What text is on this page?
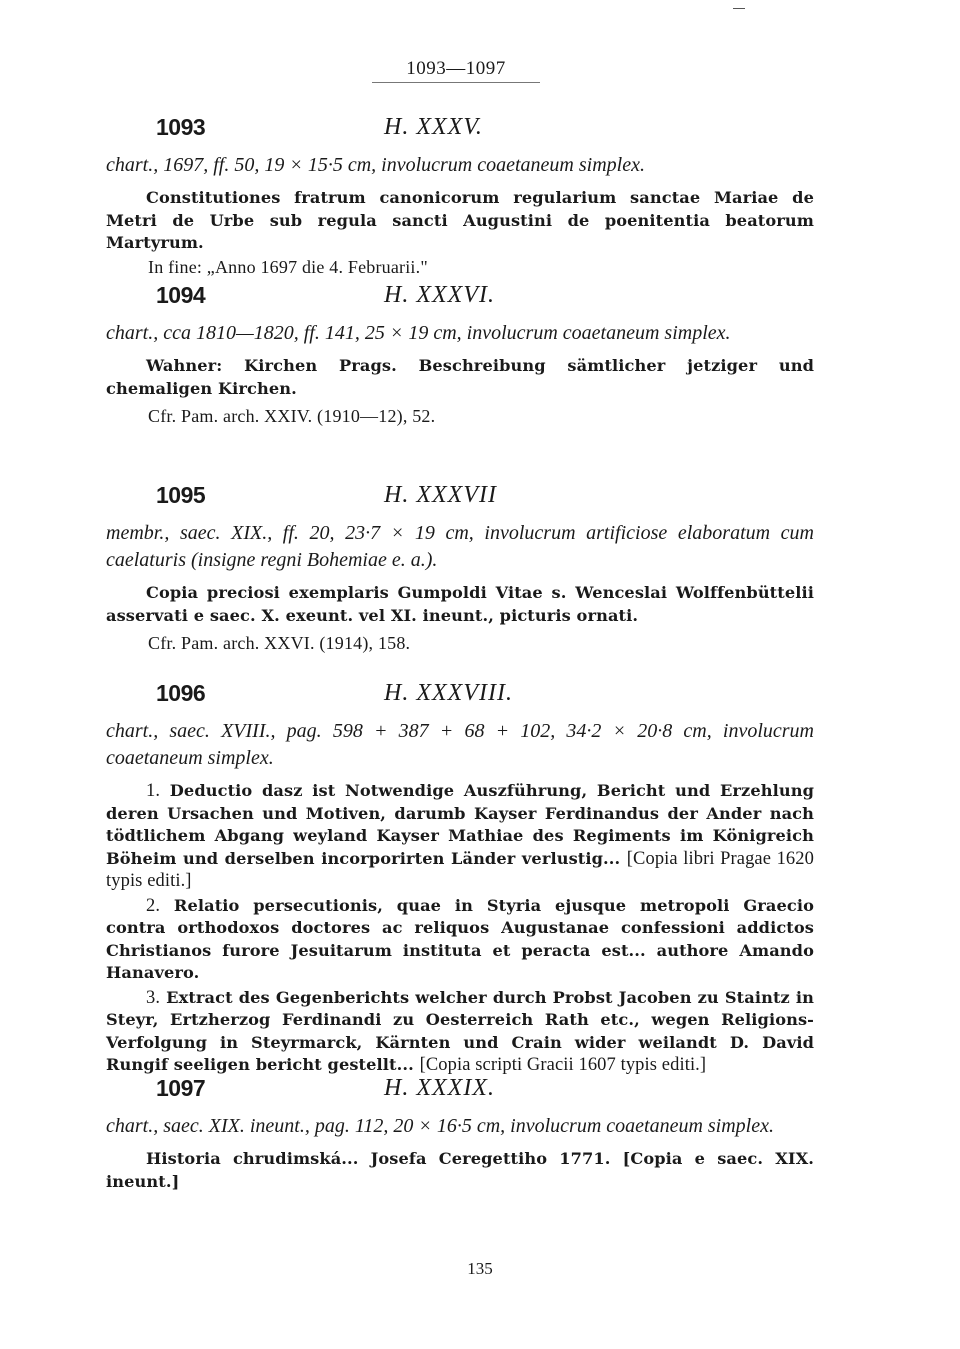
1093—1097
1093	H. XXXV.

chart., 1697, ff. 50, 19 × 15·5 cm, involucrum coaetaneum simplex.

Constitutiones fratrum canonicorum regularium sanctae Mariae de Metri de Urbe sub regula sancti Augustini de poenitentia beatorum Martyrum.

In fine: „Anno 1697 die 4. Februarii."
1094	H. XXXVI.

chart., cca 1810—1820, ff. 141, 25 × 19 cm, involucrum coaetaneum simplex.

Wahner: Kirchen Prags. Beschreibung sämtlicher jetziger und chemaligen Kirchen.

Cfr. Pam. arch. XXIV. (1910—12), 52.
1095	H. XXXVII

membr., saec. XIX., ff. 20, 23·7 × 19 cm, involucrum artificiose elaboratum cum caelaturis (insigne regni Bohemiae e. a.).

Copia preciosi exemplaris Gumpoldi Vitae s. Wenceslai Wolffenbüttelii asservati e saec. X. exeunt. vel XI. ineunt., picturis ornati.

Cfr. Pam. arch. XXVI. (1914), 158.
1096	H. XXXVIII.

chart., saec. XVIII., pag. 598 + 387 + 68 + 102, 34·2 × 20·8 cm, involucrum coaetaneum simplex.

1. Deductio dasz ist Notwendige Auszführung, Bericht und Erzehlung deren Ursachen und Motiven, darumb Kayser Ferdinandus der Ander nach tödtlichem Abgang weyland Kayser Mathiae des Regiments im Königreich Böheim und derselben incorporirten Länder verlustig... [Copia libri Pragae 1620 typis editi.]

2. Relatio persecutionis, quae in Styria ejusque metropoli Graecio contra orthodoxos doctores ac reliquos Augustanae confessioni addictos Christianos furore Jesuitarum instituta et peracta est... authore Amando Hanavero.

3. Extract des Gegenberichts welcher durch Probst Jacoben zu Staintz in Steyr, Ertzherzog Ferdinandi zu Oesterreich Rath etc., wegen Religions-Verfolgung in Steyrmarck, Kärnten und Crain wider weilandt D. David Rungif seeligen bericht gestellt... [Copia scripti Gracii 1607 typis editi.]

1097	H. XXXIX.

chart., saec. XIX. ineunt., pag. 112, 20 × 16·5 cm, involucrum coaetaneum simplex.

Historia chrudimská... Josefa Ceregettiho 1771. [Copia e saec. XIX. ineunt.]

135
